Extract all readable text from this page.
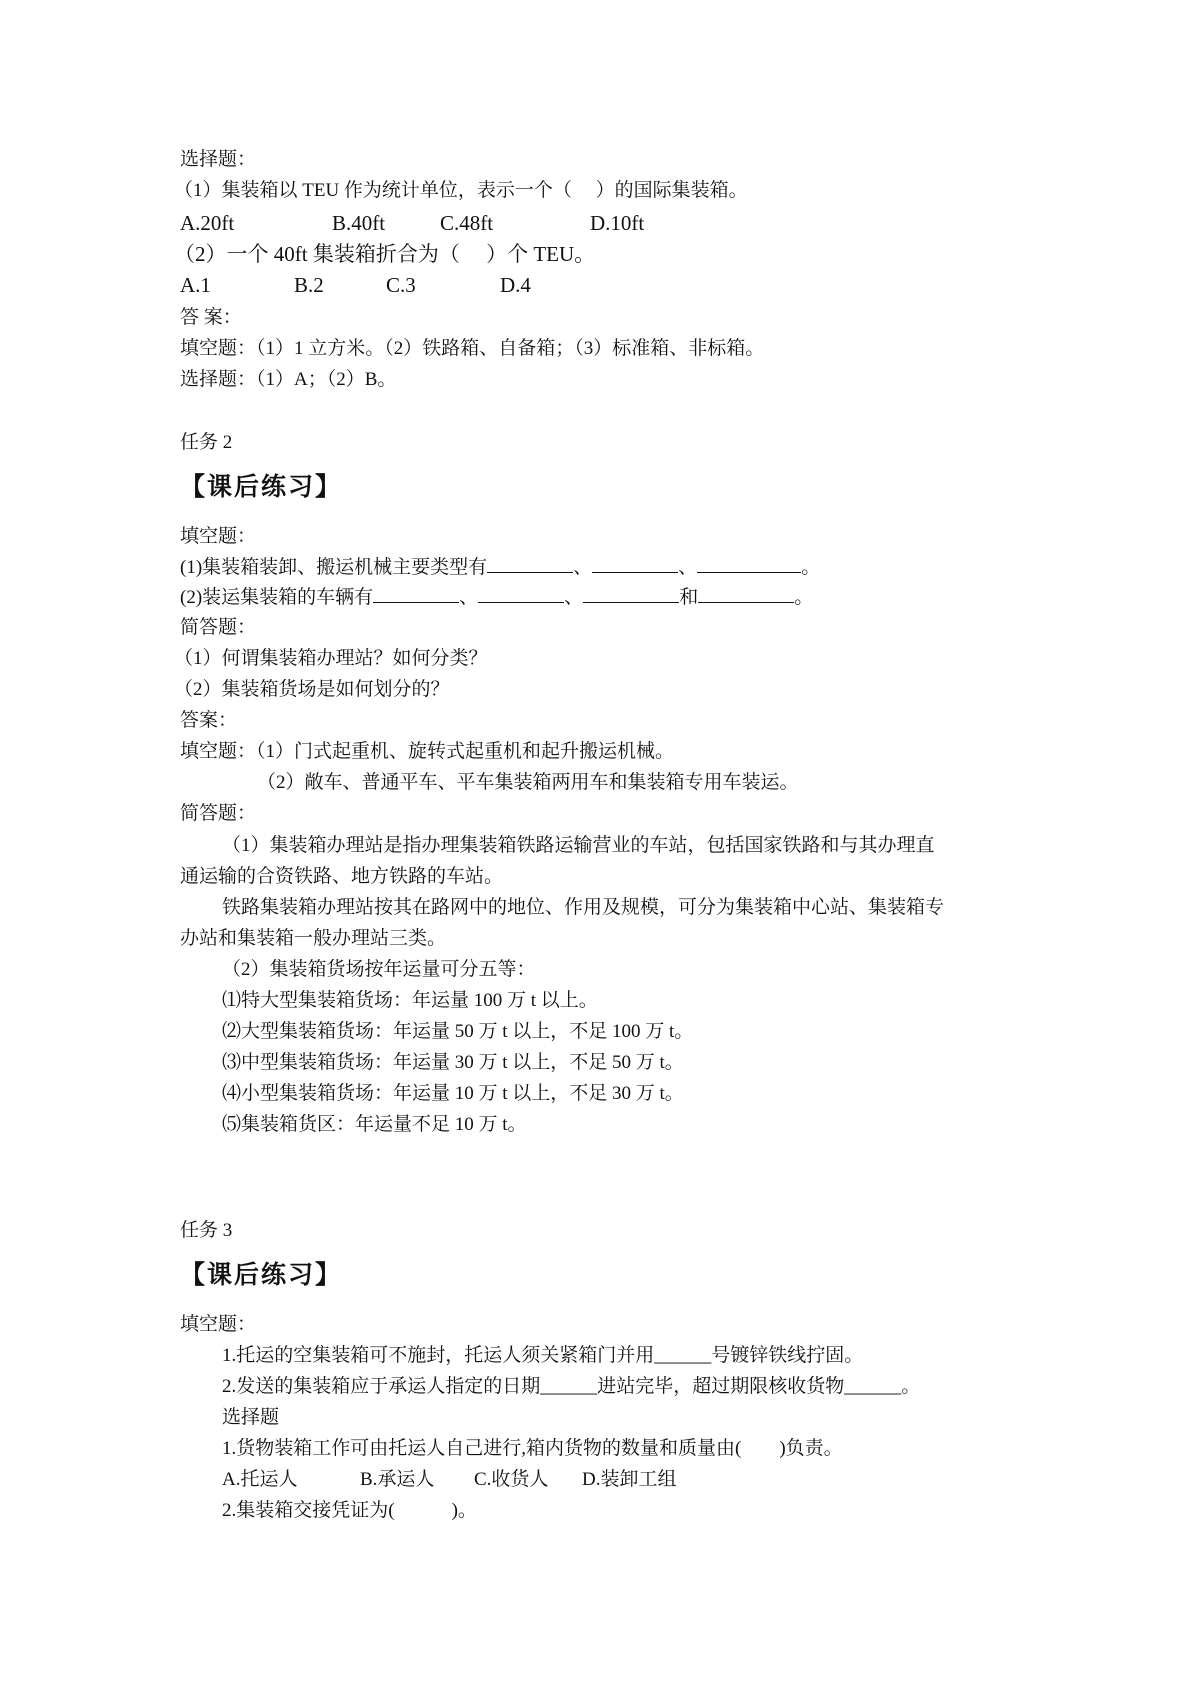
选择题：
（1）集装箱以 TEU 作为统计单位，表示一个（　 ）的国际集装箱。
A.20ft	B.40ft	C.48ft	D.10ft
（2）一个 40ft 集装箱折合为（　 ）个 TEU。
A.1	B.2	C.3	D.4
答 案：
填空题：（1）1 立方米。（2）铁路箱、自备箱；（3）标准箱、非标箱。
选择题：（1）A；（2）B。
任务 2
【课后练习】
填空题：
(1)集装箱装卸、搬运机械主要类型有	、	、	。
(2)装运集装箱的车辆有	、	、	和	。
简答题：
（1）何谓集装箱办理站？如何分类？
（2）集装箱货场是如何划分的？
答案：
填空题：（1）门式起重机、旋转式起重机和起升搬运机械。
（2）敞车、普通平车、平车集装箱两用车和集装箱专用车装运。
简答题：
（1）集装箱办理站是指办理集装箱铁路运输营业的车站，包括国家铁路和与其办理直
通运输的合资铁路、地方铁路的车站。
铁路集装箱办理站按其在路网中的地位、作用及规模，可分为集装箱中心站、集装箱专
办站和集装箱一般办理站三类。
（2）集装箱货场按年运量可分五等：
⑴特大型集装箱货场：年运量 100 万 t 以上。
⑵大型集装箱货场：年运量 50 万 t 以上，不足 100 万 t。
⑶中型集装箱货场：年运量 30 万 t 以上，不足 50 万 t。
⑷小型集装箱货场：年运量 10 万 t 以上，不足 30 万 t。
⑸集装箱货区：年运量不足 10 万 t。
任务 3
【课后练习】
填空题：
1.托运的空集装箱可不施封，托运人须关紧箱门并用______号镀锌铁线拧固。
2.发送的集装箱应于承运人指定的日期______进站完毕，超过期限核收货物______。
选择题
1.货物装箱工作可由托运人自己进行,箱内货物的数量和质量由(　　)负责。
A.托运人	B.承运人 C.收货人 D.装卸工组
2.集装箱交接凭证为(　　　)。
